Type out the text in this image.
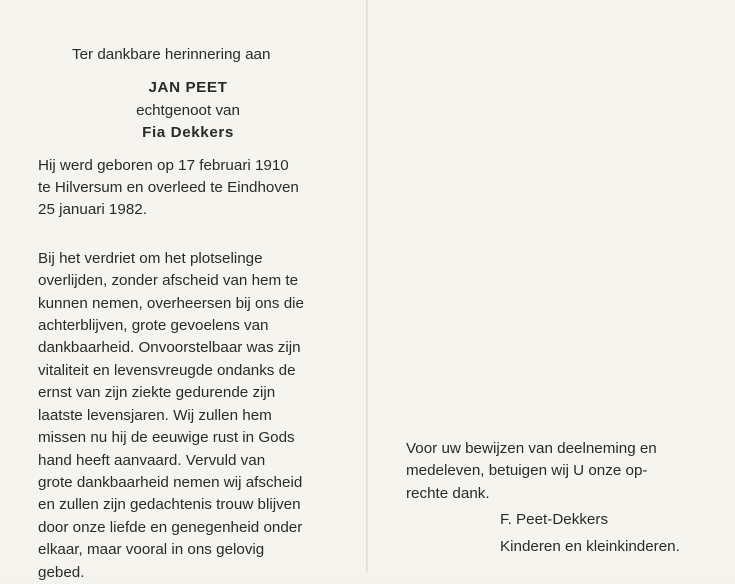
Ter dankbare herinnering aan
JAN PEET
echtgenoot van
Fia Dekkers

Hij werd geboren op 17 februari 1910

te Hilversum en overleed te Eindhoven

25 januari 1982.

Bij het verdriet om het plotselinge

overlijden, zonder afscheid van hem te

kunnen nemen, overheersen bij ons die

achterblijven, grote gevoelens van

dankbaarheid. Onvoorstelbaar was zijn

vitaliteit en levensvreugde ondanks de

ernst van zijn ziekte gedurende zijn

laatste levensjaren. Wij zullen hem

missen nu hij de eeuwige rust in Gods

hand heeft aanvaard. Vervuld van

grote dankbaarheid nemen wij afscheid

en zullen zijn gedachtenis trouw blijven

door onze liefde en genegenheid onder

elkaar, maar vooral in ons gelovig

gebed.

Voor uw bewijzen van deelneming en

medeleven, betuigen wij U onze op-

rechte dank.

F. Peet-Dekkers
Kinderen en kleinkinderen.
